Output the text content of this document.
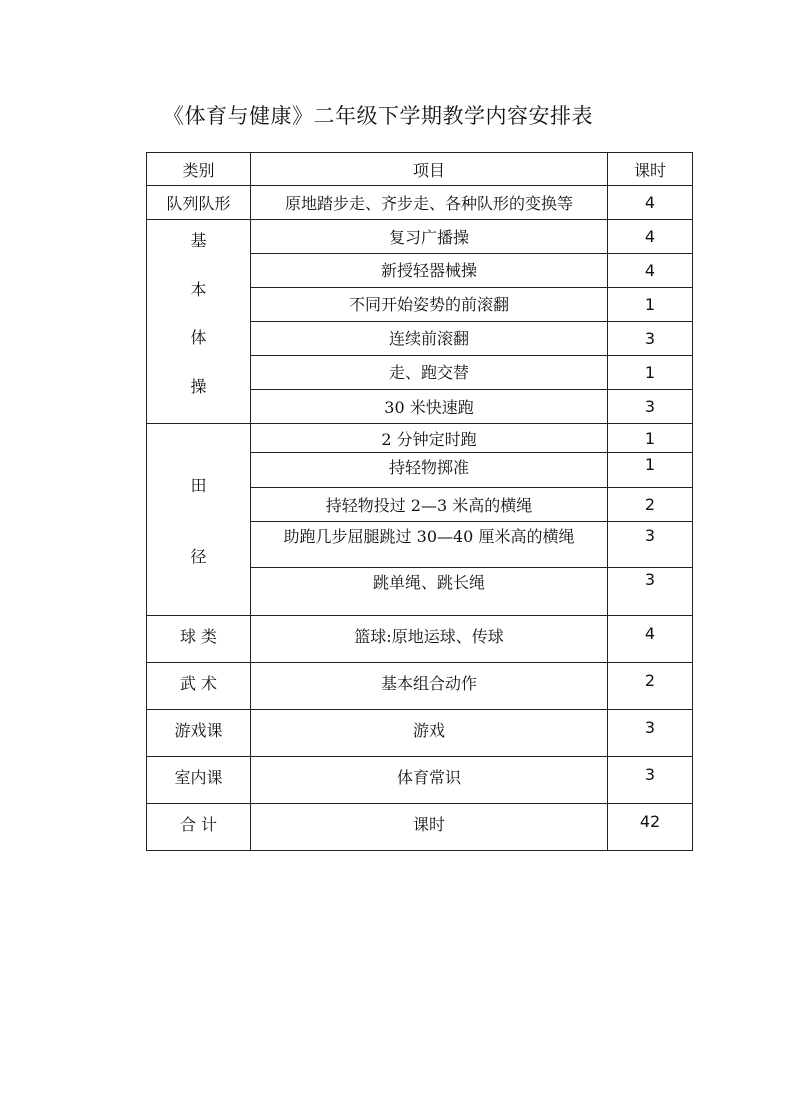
《体育与健康》二年级下学期教学内容安排表
类别	项目	课时
队列队形	原地踏步走、齐步走、各种队形的变换等	4

基
本
体
操	复习广播操	4
	新授轻器械操	4
	不同开始姿势的前滚翻	1
	连续前滚翻	3
	走、跑交替	1
	30 米快速跑	3

田
径	2 分钟定时跑	1
	持轻物掷准	1
	持轻物投过 2—3 米高的横绳	2
	助跑几步屈腿跳过 30—40 厘米高的横绳	3
	跳单绳、跳长绳	3
球 类	篮球:原地运球、传球	4
武 术	基本组合动作	2
游戏课	游戏	3
室内课	体育常识	3
合 计	课时	42
